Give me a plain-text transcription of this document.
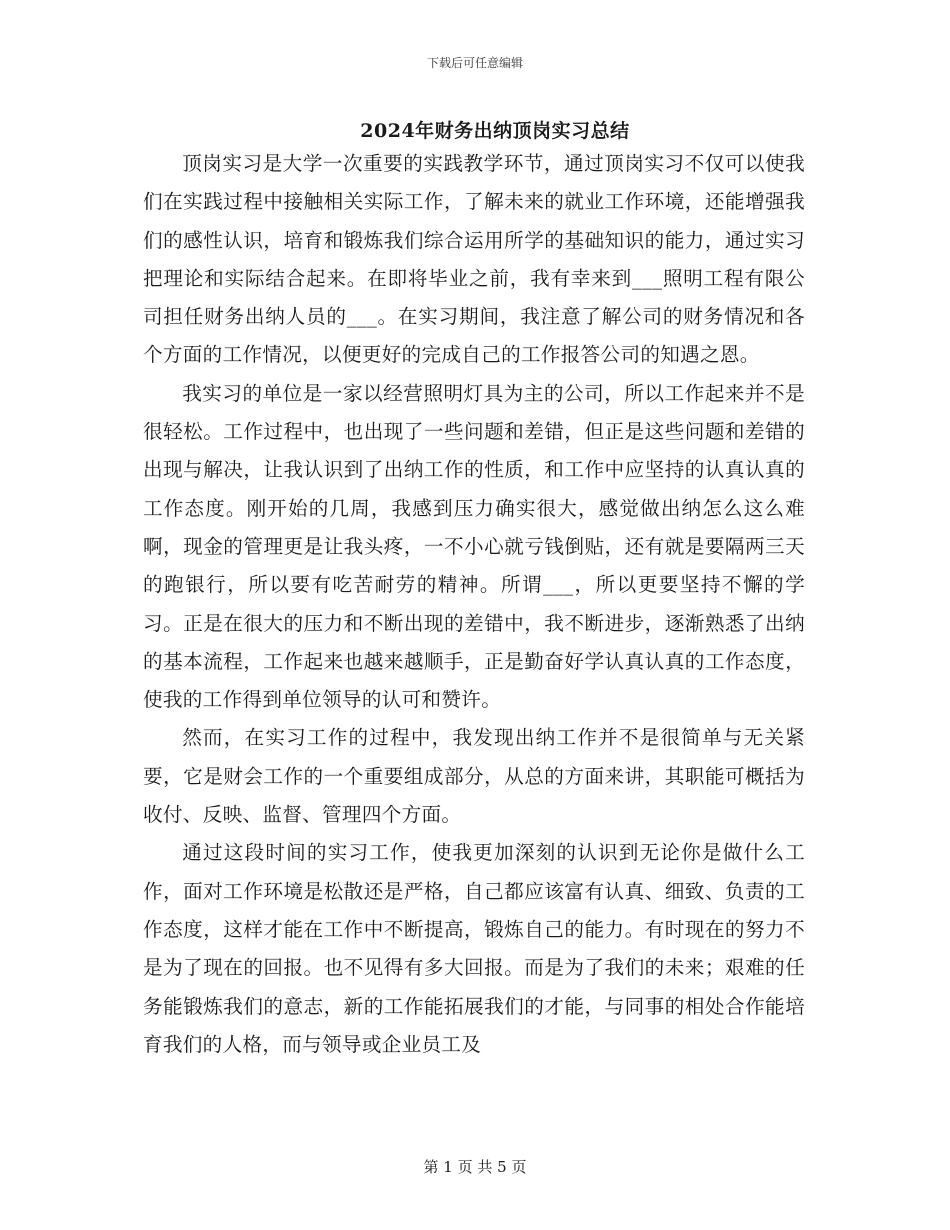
下载后可任意编辑
2024年财务出纳顶岗实习总结

顶岗实习是大学一次重要的实践教学环节，通过顶岗实习不仅可以使我们在实践过程中接触相关实际工作，了解未来的就业工作环境，还能增强我们的感性认识，培育和锻炼我们综合运用所学的基础知识的能力，通过实习把理论和实际结合起来。在即将毕业之前，我有幸来到___照明工程有限公司担任财务出纳人员的___。在实习期间，我注意了解公司的财务情况和各个方面的工作情况，以便更好的完成自己的工作报答公司的知遇之恩。

我实习的单位是一家以经营照明灯具为主的公司，所以工作起来并不是很轻松。工作过程中，也出现了一些问题和差错，但正是这些问题和差错的出现与解决，让我认识到了出纳工作的性质，和工作中应坚持的认真认真的工作态度。刚开始的几周，我感到压力确实很大，感觉做出纳怎么这么难啊，现金的管理更是让我头疼，一不小心就亏钱倒贴，还有就是要隔两三天的跑银行，所以要有吃苦耐劳的精神。所谓___，所以更要坚持不懈的学习。正是在很大的压力和不断出现的差错中，我不断进步，逐渐熟悉了出纳的基本流程，工作起来也越来越顺手，正是勤奋好学认真认真的工作态度，使我的工作得到单位领导的认可和赞许。

然而，在实习工作的过程中，我发现出纳工作并不是很简单与无关紧要，它是财会工作的一个重要组成部分，从总的方面来讲，其职能可概括为收付、反映、监督、管理四个方面。

通过这段时间的实习工作，使我更加深刻的认识到无论你是做什么工作，面对工作环境是松散还是严格，自己都应该富有认真、细致、负责的工作态度，这样才能在工作中不断提高，锻炼自己的能力。有时现在的努力不是为了现在的回报。也不见得有多大回报。而是为了我们的未来；艰难的任务能锻炼我们的意志，新的工作能拓展我们的才能，与同事的相处合作能培育我们的人格，而与领导或企业员工及

第 1 页 共 5 页
